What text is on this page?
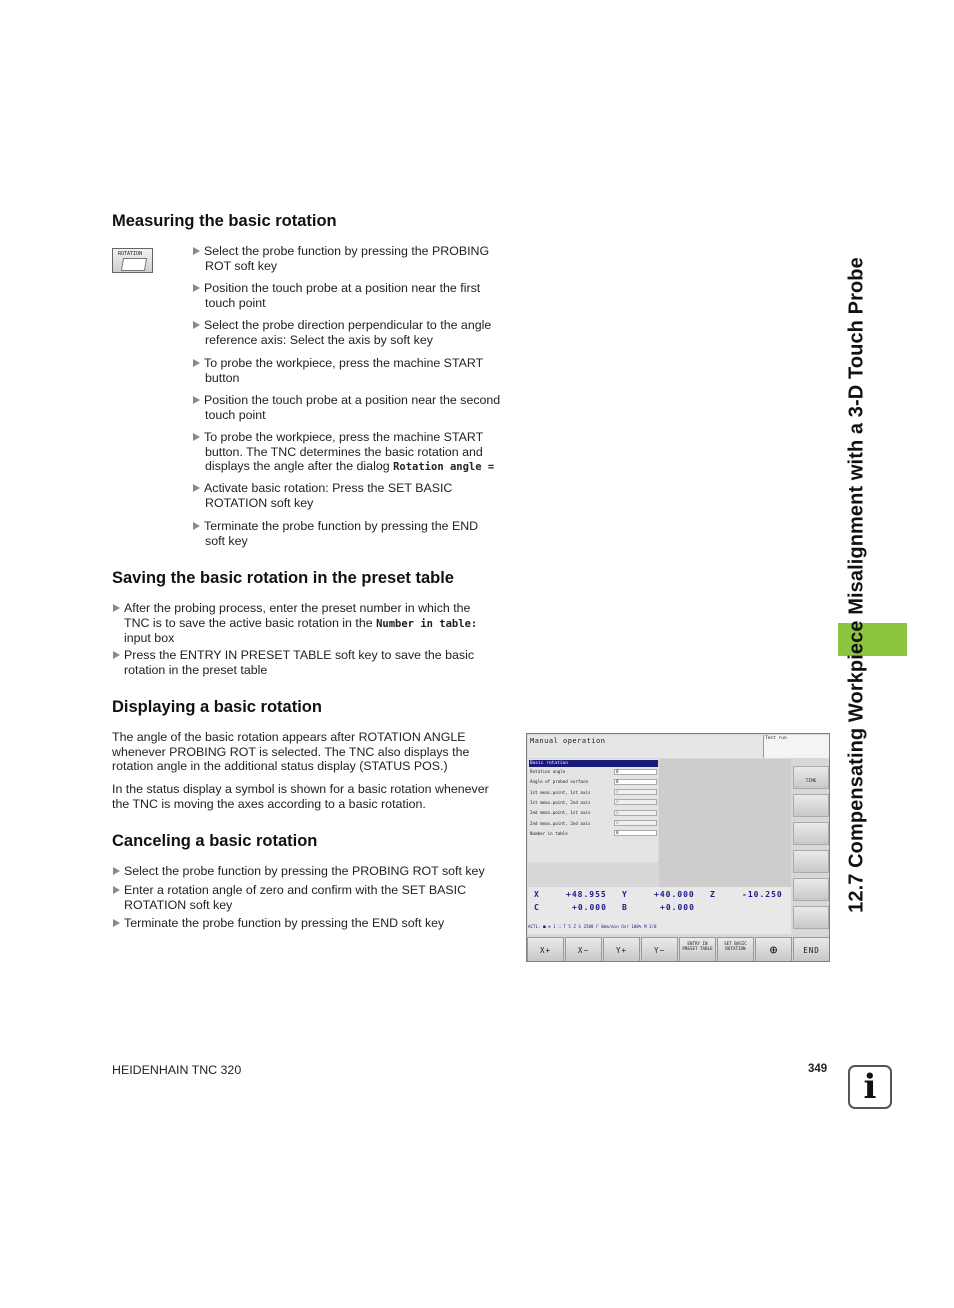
12.7 Compensating Workpiece Misalignment with a 3-D Touch Probe
Measuring the basic rotation
ROTATION	Select the probe function by pressing the PROBING
ROT soft key
Position the touch probe at a position near the first
touch point
Select the probe direction perpendicular to the angle
reference axis: Select the axis by soft key
To probe the workpiece, press the machine START
button
Position the touch probe at a position near the second
touch point
To probe the workpiece, press the machine START
button. The TNC determines the basic rotation and
displays the angle after the dialog Rotation angle =
Activate basic rotation: Press the SET BASIC
ROTATION soft key
Terminate the probe function by pressing the END
soft key
Saving the basic rotation in the preset table
After the probing process, enter the preset number in which the
TNC is to save the active basic rotation in the Number in table:
input box
Press the ENTRY IN PRESET TABLE soft key to save the basic
rotation in the preset table
Displaying a basic rotation
The angle of the basic rotation appears after ROTATION ANGLE
whenever PROBING ROT is selected. The TNC also displays the
rotation angle in the additional status display (STATUS POS.)
In the status display a symbol is shown for a basic rotation whenever
the TNC is moving the axes according to a basic rotation.
Canceling a basic rotation
Select the probe function by pressing the PROBING ROT soft key
Enter a rotation angle of zero and confirm with the SET BASIC
ROTATION soft key
Terminate the probe function by pressing the END soft key
Manual operation	Test run
Basic rotation
Rotation angle	0
Angle of probed surface	0
1st meas.point, 1st axis	0
1st meas.point, 2nd axis	0
2nd meas.point, 1st axis	0
2nd meas.point, 2nd axis	0
Number in table	0
TIME
X	+48.955 Y	+40.000 Z	-10.250
C	+0.000 B	+0.000
ACTL. ■ ⊕ 1 ☐ T 5 Z S 2500 F 0mm/min Ovr 100% M 3/0
X+	X−	Y+	Y−
ENTRY IN PRESET TABLE
SET BASIC ROTATION	⊕	END
HEIDENHAIN TNC 320	349	i
